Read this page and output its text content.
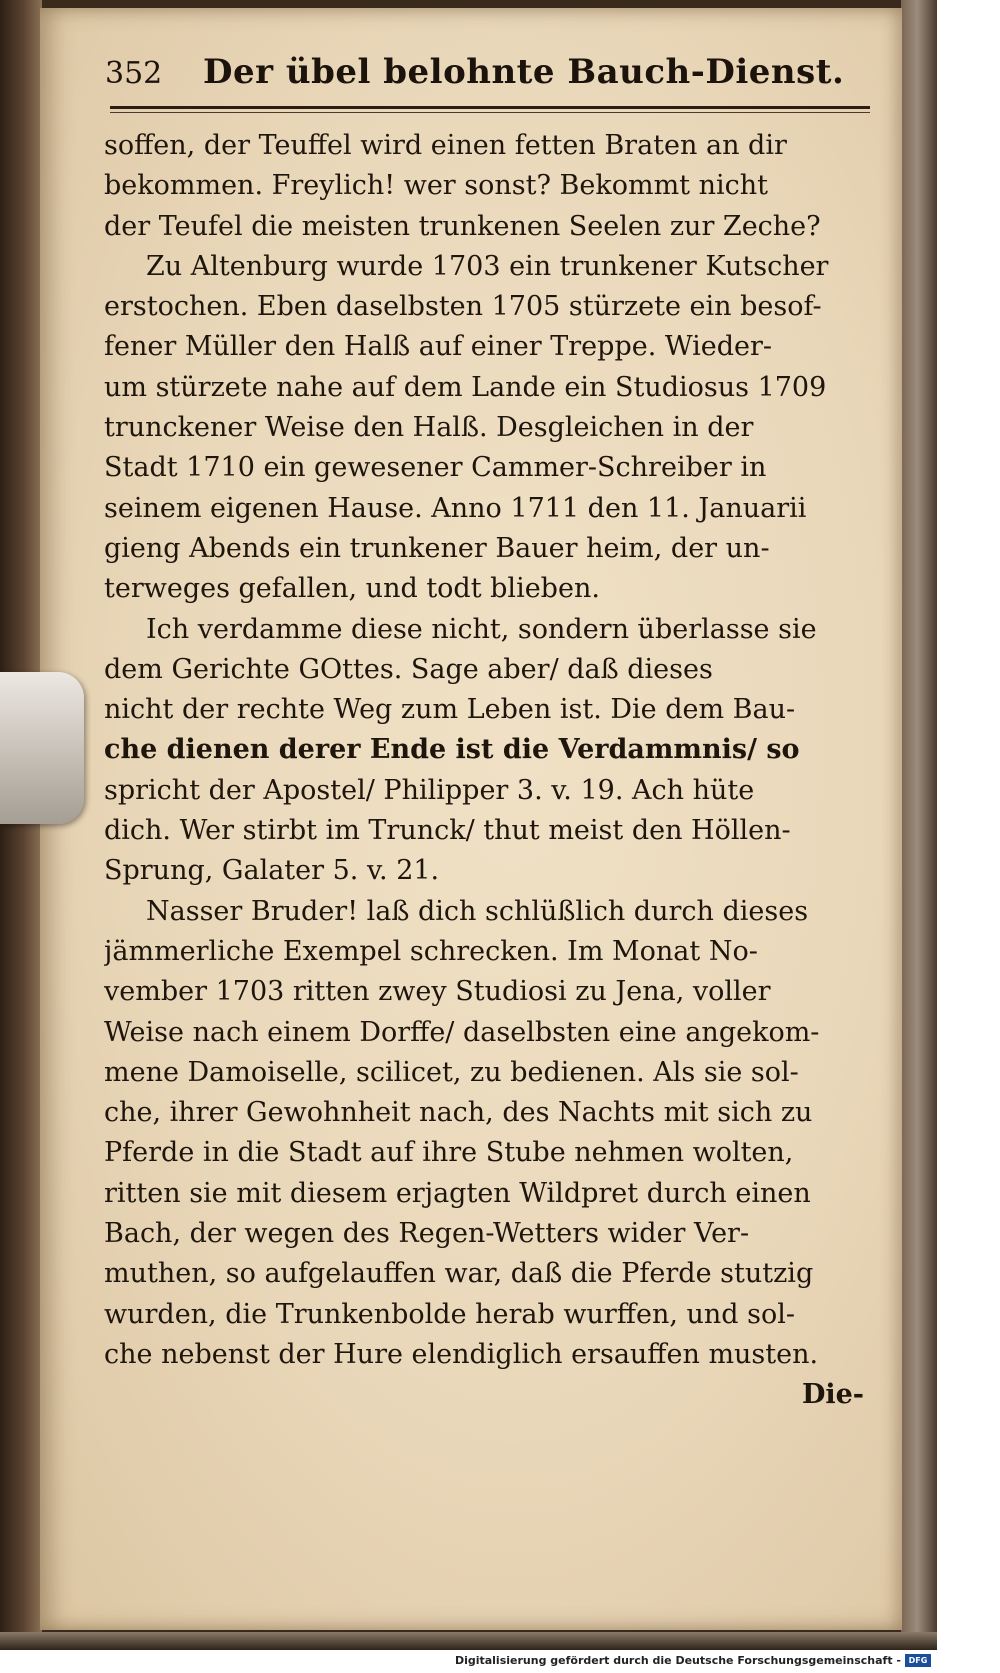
352 Der übel belohnte Bauch-Dienst.
soffen, der Teuffel wird einen fetten Braten an dir
bekommen. Freylich! wer sonst? Bekommt nicht
der Teufel die meisten trunkenen Seelen zur Zeche?
Zu Altenburg wurde 1703 ein trunkener Kutscher
erstochen. Eben daselbsten 1705 stürzete ein besof-
fener Müller den Halß auf einer Treppe. Wieder-
um stürzete nahe auf dem Lande ein Studiosus 1709
trunckener Weise den Halß. Desgleichen in der
Stadt 1710 ein gewesener Cammer-Schreiber in
seinem eigenen Hause. Anno 1711 den 11. Januarii
gieng Abends ein trunkener Bauer heim, der un-
terweges gefallen, und todt blieben.
Ich verdamme diese nicht, sondern überlasse sie
dem Gerichte GOttes. Sage aber/ daß dieses
nicht der rechte Weg zum Leben ist. Die dem Bau-
che dienen derer Ende ist die Verdammnis/ so
spricht der Apostel/ Philipper 3. v. 19. Ach hüte
dich. Wer stirbt im Trunck/ thut meist den Höllen-
Sprung, Galater 5. v. 21.
Nasser Bruder! laß dich schlüßlich durch dieses
jämmerliche Exempel schrecken. Im Monat No-
vember 1703 ritten zwey Studiosi zu Jena, voller
Weise nach einem Dorffe/ daselbsten eine angekom-
mene Damoiselle, scilicet, zu bedienen. Als sie sol-
che, ihrer Gewohnheit nach, des Nachts mit sich zu
Pferde in die Stadt auf ihre Stube nehmen wolten,
ritten sie mit diesem erjagten Wildpret durch einen
Bach, der wegen des Regen-Wetters wider Ver-
muthen, so aufgelauffen war, daß die Pferde stutzig
wurden, die Trunkenbolde herab wurffen, und sol-
che nebenst der Hure elendiglich ersauffen musten.
Die-
Digitalisierung gefördert durch die Deutsche Forschungsgemeinschaft - DFG
